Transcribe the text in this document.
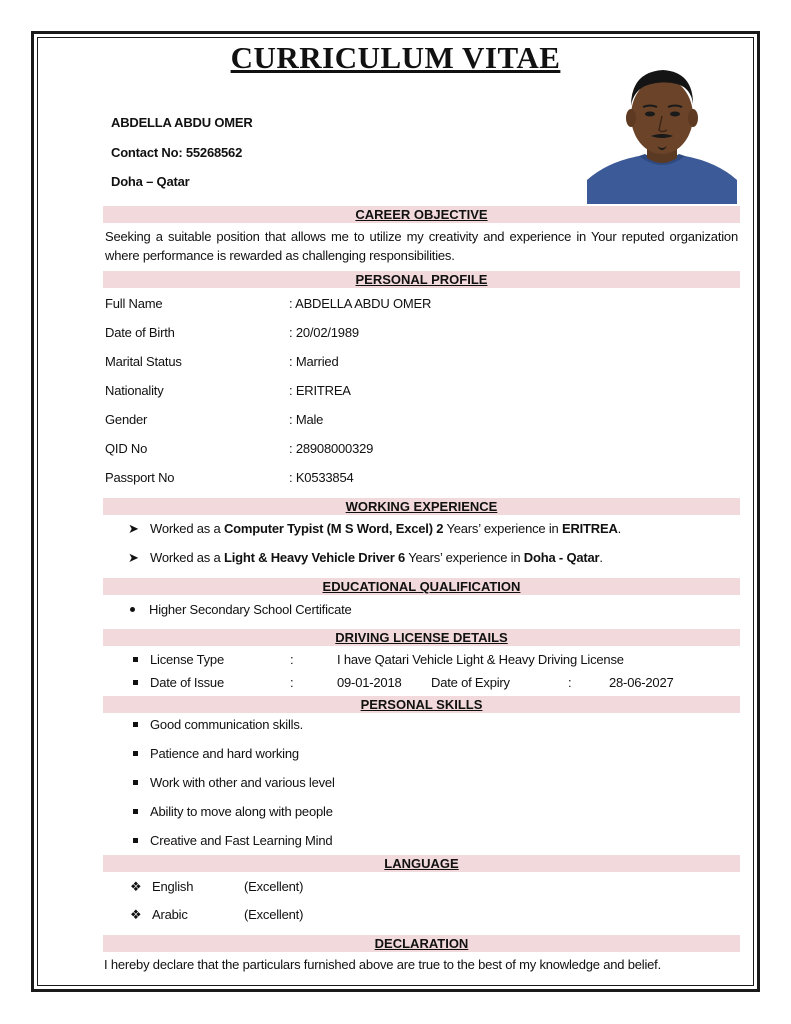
CURRICULUM VITAE
ABDELLA ABDU OMER
Contact No: 55268562
Doha – Qatar
CAREER OBJECTIVE
Seeking a suitable position that allows me to utilize my creativity and experience in Your reputed organization where performance is rewarded as challenging responsibilities.
PERSONAL PROFILE
Full Name	: ABDELLA ABDU OMER
Date of Birth	: 20/02/1989
Marital Status	: Married
Nationality	: ERITREA
Gender	: Male
QID No	: 28908000329
Passport No	: K0533854
WORKING EXPERIENCE
➤ Worked as a Computer Typist (M S Word, Excel) 2 Years’ experience in ERITREA.
➤ Worked as a Light & Heavy Vehicle Driver 6 Years’ experience in Doha - Qatar.
EDUCATIONAL QUALIFICATION
Higher Secondary School Certificate
DRIVING LICENSE DETAILS
License Type	:	I have Qatari Vehicle Light & Heavy Driving License
Date of Issue	:	09-01-2018 Date of Expiry	:	28-06-2027
PERSONAL SKILLS
Good communication skills.
Patience and hard working
Work with other and various level
Ability to move along with people
Creative and Fast Learning Mind
LANGUAGE
❖ English	(Excellent)
❖ Arabic	(Excellent)
DECLARATION
I hereby declare that the particulars furnished above are true to the best of my knowledge and belief.
